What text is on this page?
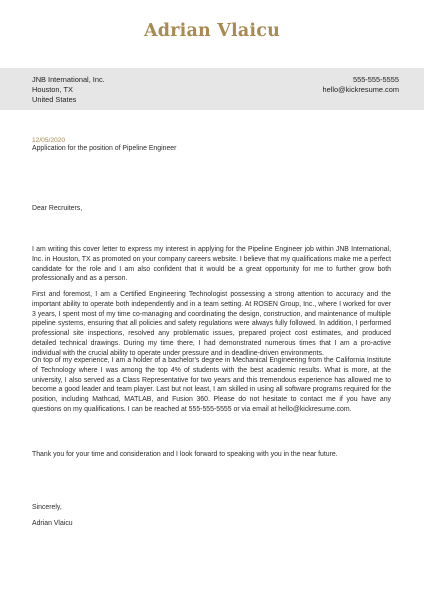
Adrian Vlaicu
JNB International, Inc.
Houston, TX
United States
555-555-5555
hello@kickresume.com
12/05/2020
Application for the position of Pipeline Engineer
Dear Recruiters,

I am writing this cover letter to express my interest in applying for the Pipeline Engineer job within JNB International, Inc. in Houston, TX as promoted on your company careers website. I believe that my qualifications make me a perfect candidate for the role and I am also confident that it would be a great opportunity for me to further grow both professionally and as a person.

First and foremost, I am a Certified Engineering Technologist possessing a strong attention to accuracy and the important ability to operate both independently and in a team setting. At ROSEN Group, Inc., where I worked for over 3 years, I spent most of my time co-managing and coordinating the design, construction, and maintenance of multiple pipeline systems, ensuring that all policies and safety regulations were always fully followed. In addition, I performed professional site inspections, resolved any problematic issues, prepared project cost estimates, and produced detailed technical drawings. During my time there, I had demonstrated numerous times that I am a pro-active individual with the crucial ability to operate under pressure and in deadline-driven environments.

On top of my experience, I am a holder of a bachelor's degree in Mechanical Engineering from the California Institute of Technology where I was among the top 4% of students with the best academic results. What is more, at the university, I also served as a Class Representative for two years and this tremendous experience has allowed me to become a good leader and team player. Last but not least, I am skilled in using all software programs required for the position, including Mathcad, MATLAB, and Fusion 360. Please do not hesitate to contact me if you have any questions on my qualifications. I can be reached at 555-555-5555 or via email at hello@kickresume.com.

Thank you for your time and consideration and I look forward to speaking with you in the near future.
Sincerely,
Adrian Vlaicu
